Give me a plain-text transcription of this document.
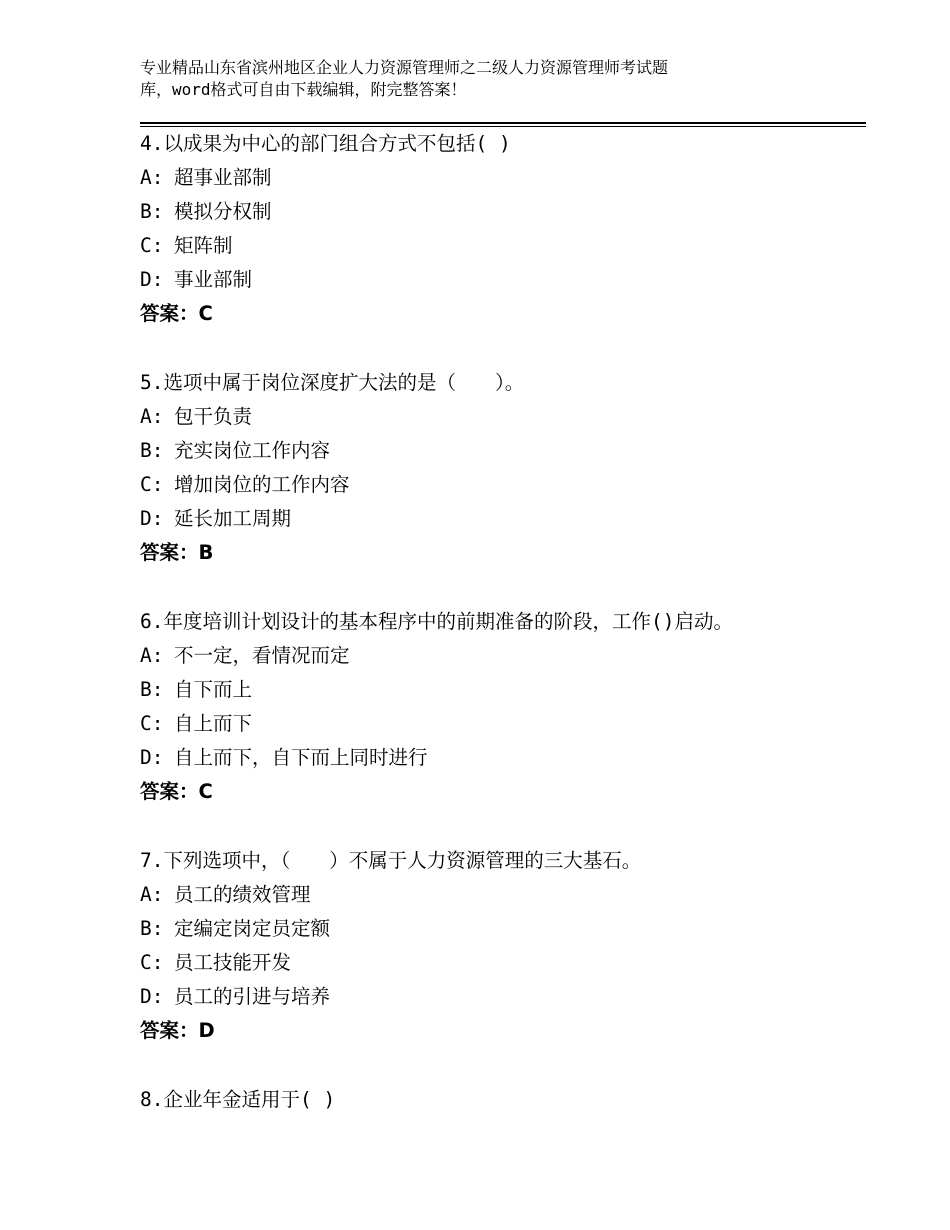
专业精品山东省滨州地区企业人力资源管理师之二级人力资源管理师考试题
库，word格式可自由下载编辑，附完整答案！
4.以成果为中心的部门组合方式不包括( )
A: 超事业部制
B: 模拟分权制
C: 矩阵制
D: 事业部制
答案：C
5.选项中属于岗位深度扩大法的是（　　）。
A: 包干负责
B: 充实岗位工作内容
C: 增加岗位的工作内容
D: 延长加工周期
答案：B
6.年度培训计划设计的基本程序中的前期准备的阶段，工作()启动。
A: 不一定，看情况而定
B: 自下而上
C: 自上而下
D: 自上而下，自下而上同时进行
答案：C
7.下列选项中，（　　）不属于人力资源管理的三大基石。
A: 员工的绩效管理
B: 定编定岗定员定额
C: 员工技能开发
D: 员工的引进与培养
答案：D
8.企业年金适用于( )
